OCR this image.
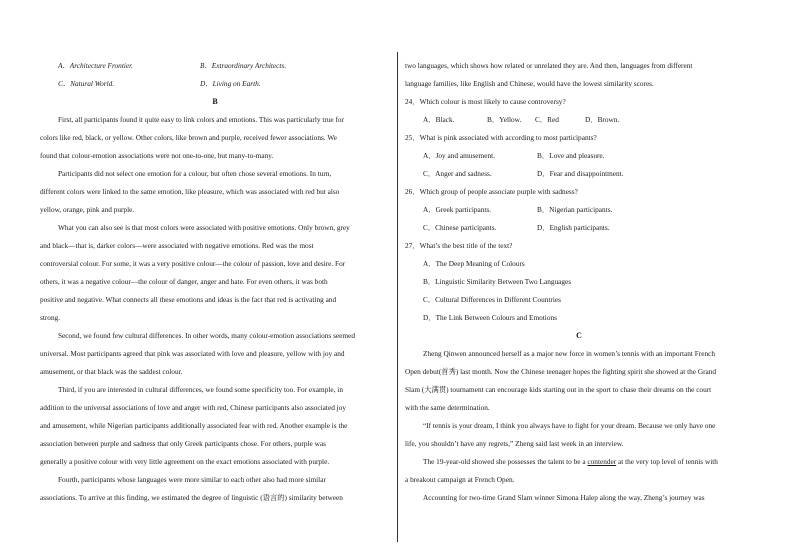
A．Architecture Frontier.	B．Extraordinary Architects.
C．Natural World.	D．Living on Earth.
B
First, all participants found it quite easy to link colors and emotions. This was particularly true for
colors like red, black, or yellow. Other colors, like brown and purple, received fewer associations. We
found that colour-emotion associations were not one-to-one, but many-to-many.
Participants did not select one emotion for a colour, but often chose several emotions. In turn,
different colors were linked to the same emotion, like pleasure, which was associated with red but also
yellow, orange, pink and purple.
What you can also see is that most colors were associated with positive emotions. Only brown, grey
and black—that is, darker colors—were associated with negative emotions. Red was the most
controversial colour. For some, it was a very positive colour—the colour of passion, love and desire. For
others, it was a negative colour—the colour of danger, anger and hate. For even others, it was both
positive and negative. What connects all these emotions and ideas is the fact that red is activating and
strong.
Second, we found few cultural differences. In other words, many colour-emotion associations seemed
universal. Most participants agreed that pink was associated with love and pleasure, yellow with joy and
amusement, or that black was the saddest colour.
Third, if you are interested in cultural differences, we found some specificity too. For example, in
addition to the universal associations of love and anger with red, Chinese participants also associated joy
and amusement, while Nigerian participants additionally associated fear with red. Another example is the
association between purple and sadness that only Greek participants chose. For others, purple was
generally a positive colour with very little agreement on the exact emotions associated with purple.
Fourth, participants whose languages were more similar to each other also had more similar
associations. To arrive at this finding, we estimated the degree of linguistic (语言的) similarity between
two languages, which shows how related or unrelated they are. And then, languages from different
language families, like English and Chinese, would have the lowest similarity scores.
24．Which colour is most likely to cause controversy?
A．Black.	B．Yellow. C．Red	D．Brown.
25．What is pink associated with according to most participants?
A．Joy and amusement.	B．Love and pleasure.
C．Anger and sadness.	D．Fear and disappointment.
26．Which group of people associate purple with sadness?
A．Greek participants.	B．Nigerian participants.
C．Chinese participants.	D．English participants.
27．What’s the best title of the text?
A．The Deep Meaning of Colours
B．Linguistic Similarity Between Two Languages
C．Cultural Differences in Different Countries
D．The Link Between Colours and Emotions
C
Zheng Qinwen announced herself as a major new force in women’s tennis with an important French
Open debut(首秀) last month. Now the Chinese teenager hopes the fighting spirit she showed at the Grand
Slam (大满贯) tournament can encourage kids starting out in the sport to chase their dreams on the court
with the same determination.
“If tennis is your dream, I think you always have to fight for your dream. Because we only have one
life, you shouldn’t have any regrets,” Zheng said last week in an interview.
The 19-year-old showed she possesses the talent to be a contender at the very top level of tennis with
a breakout campaign at French Open.
Accounting for two-time Grand Slam winner Simona Halep along the way, Zheng’s journey was
